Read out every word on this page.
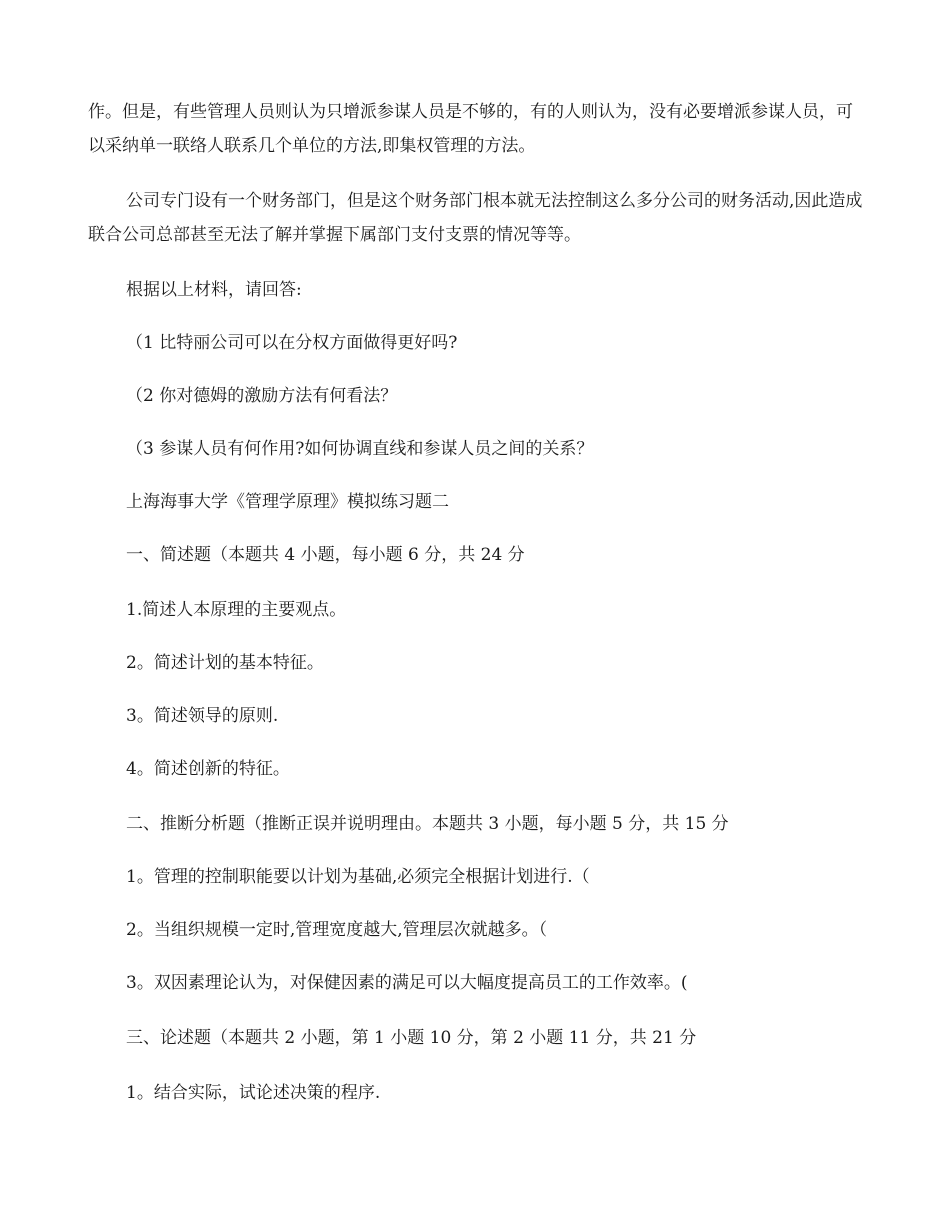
作。但是，有些管理人员则认为只增派参谋人员是不够的，有的人则认为，没有必要增派参谋人员，可以采纳单一联络人联系几个单位的方法,即集权管理的方法。

公司专门设有一个财务部门，但是这个财务部门根本就无法控制这么多分公司的财务活动,因此造成联合公司总部甚至无法了解并掌握下属部门支付支票的情况等等。

根据以上材料，请回答:

（1 比特丽公司可以在分权方面做得更好吗?

（2 你对德姆的激励方法有何看法？

（3 参谋人员有何作用?如何协调直线和参谋人员之间的关系？

上海海事大学《管理学原理》模拟练习题二

一、简述题（本题共 4 小题，每小题 6 分，共 24 分

1.简述人本原理的主要观点。

2。简述计划的基本特征。

3。简述领导的原则.

4。简述创新的特征。

二、推断分析题（推断正误并说明理由。本题共 3 小题，每小题 5 分，共 15 分

1。管理的控制职能要以计划为基础,必须完全根据计划进行.（

2。当组织规模一定时,管理宽度越大,管理层次就越多。（

3。双因素理论认为，对保健因素的满足可以大幅度提高员工的工作效率。(

三、论述题（本题共 2 小题，第 1 小题 10 分，第 2 小题 11 分，共 21 分

1。结合实际，试论述决策的程序.
